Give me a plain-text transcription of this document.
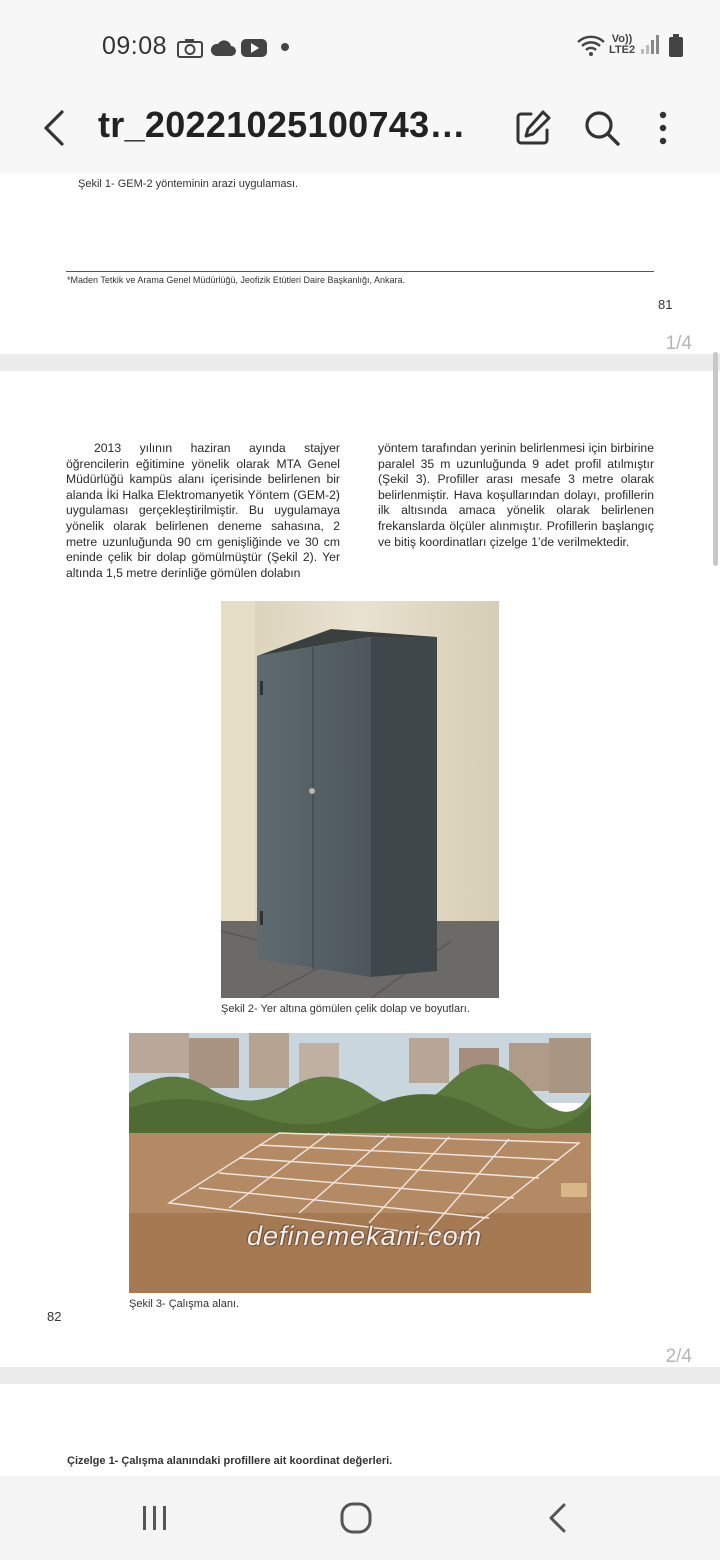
09:08	Vo))
LTE2
tr_20221025100743…
Şekil 1- GEM-2 yönteminin arazi uygulaması.
*Maden Tetkik ve Arama Genel Müdürlüğü, Jeofizik Etütleri Daire Başkanlığı, Ankara.
81
1/4

2013 yılının haziran ayında stajyer öğrencilerin eğitimine yönelik olarak MTA Genel Müdürlüğü kampüs alanı içerisinde belirlenen bir alanda İki Halka Elektromanyetik Yöntem (GEM-2) uygulaması gerçekleştirilmiştir. Bu uygulamaya yönelik olarak belirlenen deneme sahasına, 2 metre uzunluğunda 90 cm genişliğinde ve 30 cm eninde çelik bir dolap gömülmüştür (Şekil 2). Yer altında 1,5 metre derinliğe gömülen dolabın

yöntem tarafından yerinin belirlenmesi için birbirine paralel 35 m uzunluğunda 9 adet profil atılmıştır (Şekil 3). Profiller arası mesafe 3 metre olarak belirlenmiştir. Hava koşullarından dolayı, profillerin ilk altısında amaca yönelik olarak belirlenen frekanslarda ölçüler alınmıştır. Profillerin başlangıç ve bitiş koordinatları çizelge 1’de verilmektedir.

Şekil 2- Yer altına gömülen çelik dolap ve boyutları.
definemekani.com
Şekil 3- Çalışma alanı.
82
2/4
Çizelge 1- Çalışma alanındaki profillere ait koordinat değerleri.
